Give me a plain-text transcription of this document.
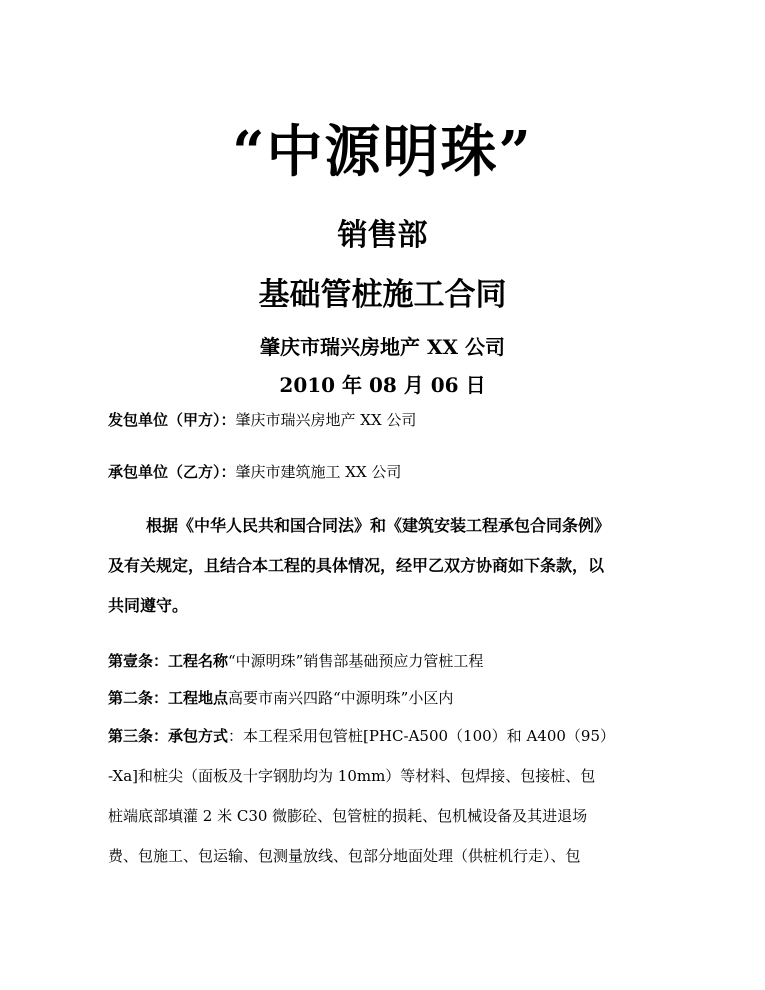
“中源明珠”
销售部
基础管桩施工合同
肇庆市瑞兴房地产 XX 公司
2010 年 08 月 06 日
发包单位（甲方）：肇庆市瑞兴房地产 XX 公司
承包单位（乙方）：肇庆市建筑施工 XX 公司
根据《中华人民共和国合同法》和《建筑安装工程承包合同条例》
及有关规定，且结合本工程的具体情况，经甲乙双方协商如下条款，以
共同遵守。
第壹条：工程名称“中源明珠”销售部基础预应力管桩工程
第二条：工程地点高要市南兴四路“中源明珠”小区内
第三条：承包方式：本工程采用包管桩[PHC-A500（100）和 A400（95）
-Xa]和桩尖（面板及十字钢肋均为 10mm）等材料、包焊接、包接桩、包
桩端底部填灌 2 米 C30 微膨砼、包管桩的损耗、包机械设备及其进退场
费、包施工、包运输、包测量放线、包部分地面处理（供桩机行走）、包
